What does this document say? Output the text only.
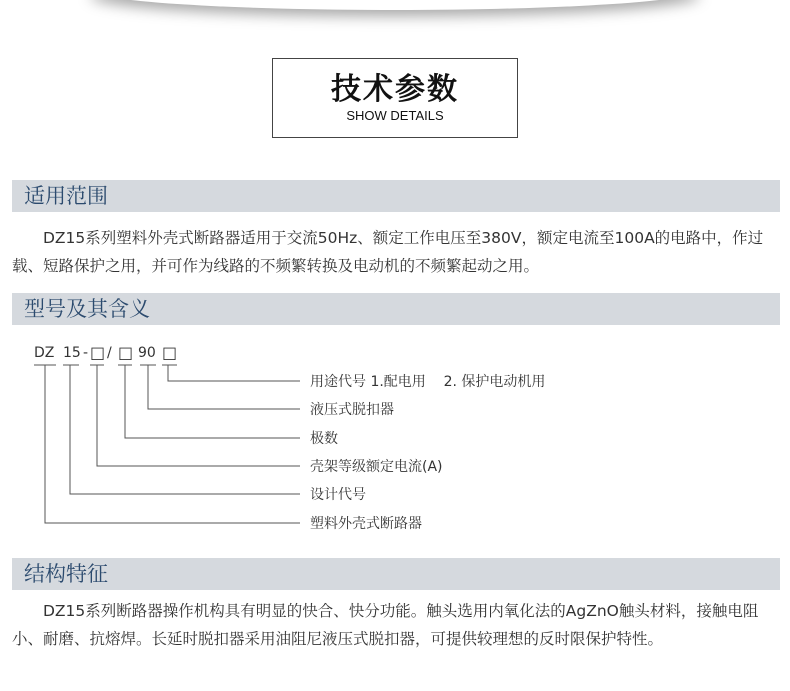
技术参数
SHOW DETAILS
适用范围
DZ15系列塑料外壳式断路器适用于交流50Hz、额定工作电压至380V，额定电流至100A的电路中，作过载、短路保护之用，并可作为线路的不频繁转换及电动机的不频繁起动之用。
型号及其含义
DZ 15 - □ / □ 90 □
用途代号 1.配电用    2. 保护电动机用
液压式脱扣器
极数
壳架等级额定电流(A)
设计代号
塑料外壳式断路器
结构特征
DZ15系列断路器操作机构具有明显的快合、快分功能。触头选用内氧化法的AgZnO触头材料，接触电阻小、耐磨、抗熔焊。长延时脱扣器采用油阻尼液压式脱扣器，可提供较理想的反时限保护特性。
